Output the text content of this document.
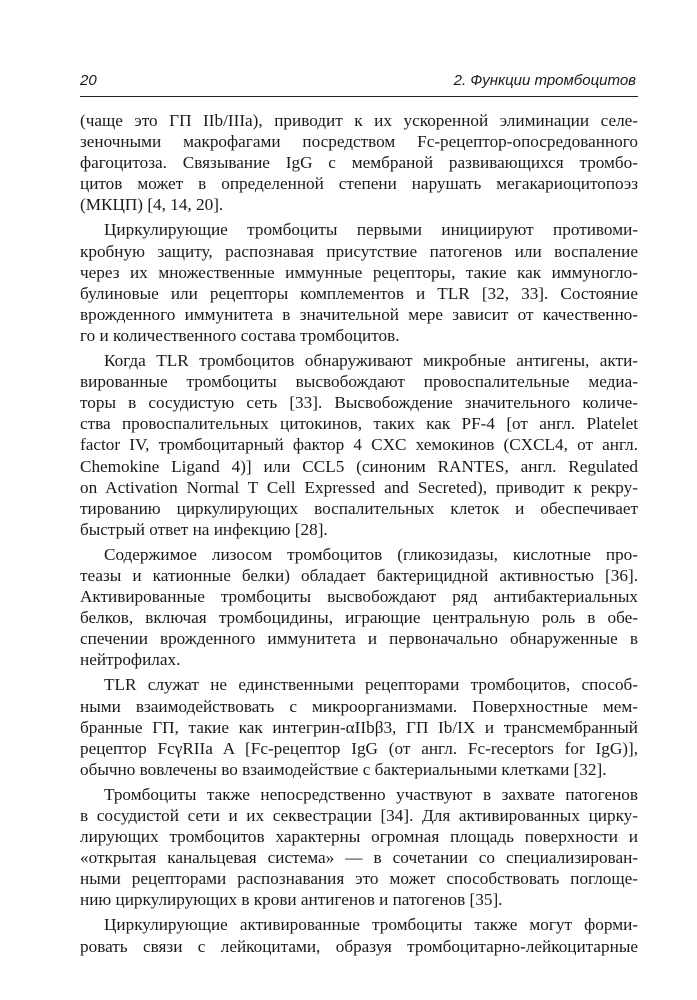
20	2. Функции тромбоцитов
(чаще это ГП IIb/IIIa), приводит к их ускоренной элиминации селе-
зеночными макрофагами посредством Fc-рецептор-опосредованного
фагоцитоза. Связывание IgG с мембраной развивающихся тромбо-
цитов может в определенной степени нарушать мегакариоцитопоэз
(МКЦП) [4, 14, 20].
Циркулирующие тромбоциты первыми инициируют противоми-
кробную защиту, распознавая присутствие патогенов или воспаление
через их множественные иммунные рецепторы, такие как иммуногло-
булиновые или рецепторы комплементов и TLR [32, 33]. Состояние
врожденного иммунитета в значительной мере зависит от качественно-
го и количественного состава тромбоцитов.
Когда TLR тромбоцитов обнаруживают микробные антигены, акти-
вированные тромбоциты высвобождают провоспалительные медиа-
торы в сосудистую сеть [33]. Высвобождение значительного количе-
ства провоспалительных цитокинов, таких как PF-4 [от англ. Platelet
factor IV, тромбоцитарный фактор 4 CXC хемокинов (CXCL4, от англ.
Chemokine Ligand 4)] или CCL5 (синоним RANTES, англ. Regulated
on Activation Normal T Cell Expressed and Secreted), приводит к рекру-
тированию циркулирующих воспалительных клеток и обеспечивает
быстрый ответ на инфекцию [28].
Содержимое лизосом тромбоцитов (гликозидазы, кислотные про-
теазы и катионные белки) обладает бактерицидной активностью [36].
Активированные тромбоциты высвобождают ряд антибактериальных
белков, включая тромбоцидины, играющие центральную роль в обе-
спечении врожденного иммунитета и первоначально обнаруженные в
нейтрофилах.
TLR служат не единственными рецепторами тромбоцитов, способ-
ными взаимодействовать с микроорганизмами. Поверхностные мем-
бранные ГП, такие как интегрин-αIIbβ3, ГП Ib/IX и трансмембранный
рецептор FcγRIIa A [Fc-рецептор IgG (от англ. Fc-receptors for IgG)],
обычно вовлечены во взаимодействие с бактериальными клетками [32].
Тромбоциты также непосредственно участвуют в захвате патогенов
в сосудистой сети и их секвестрации [34]. Для активированных цирку-
лирующих тромбоцитов характерны огромная площадь поверхности и
«открытая канальцевая система» — в сочетании со специализирован-
ными рецепторами распознавания это может способствовать поглоще-
нию циркулирующих в крови антигенов и патогенов [35].
Циркулирующие активированные тромбоциты также могут форми-
ровать связи с лейкоцитами, образуя тромбоцитарно-лейкоцитарные
